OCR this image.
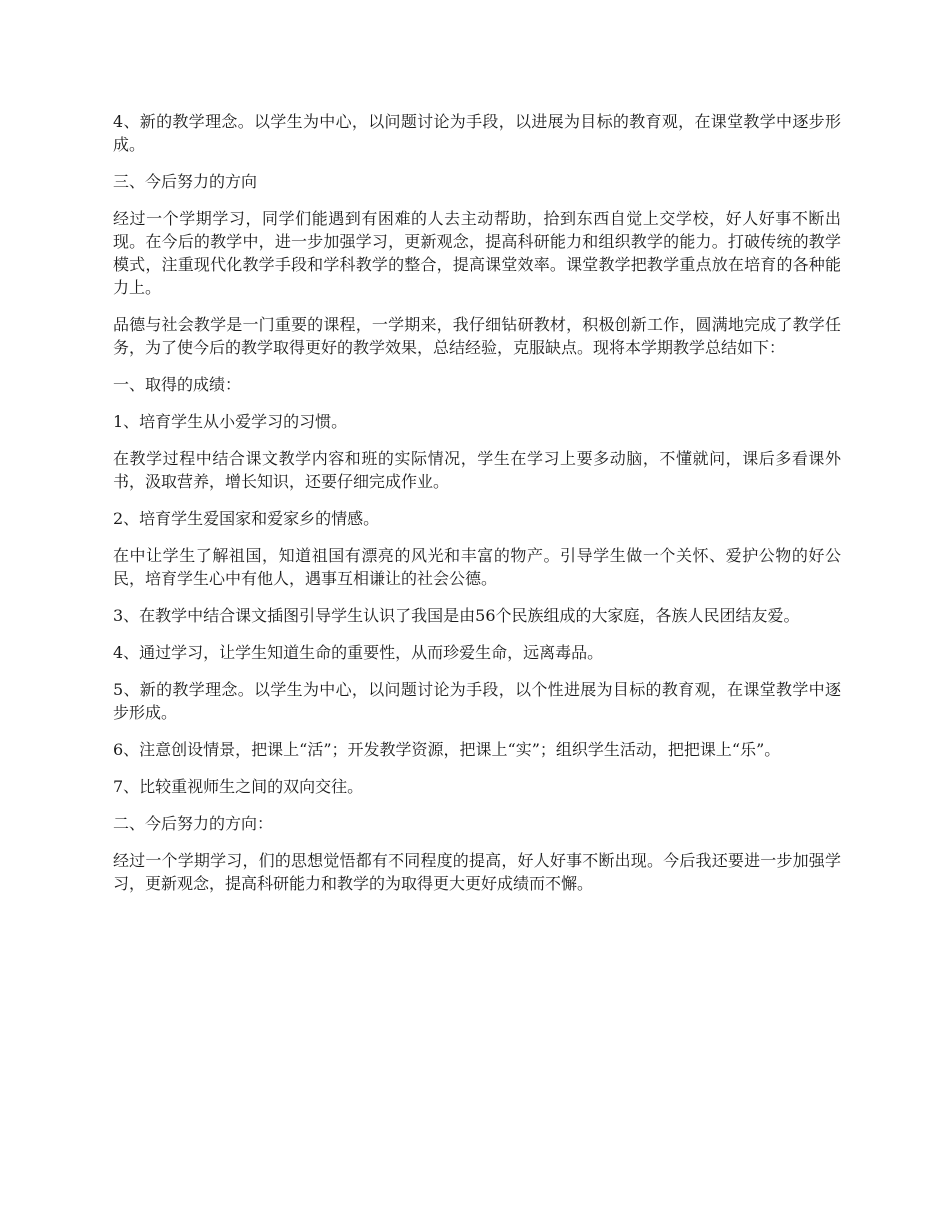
4、新的教学理念。以学生为中心，以问题讨论为手段，以进展为目标的教育观，在课堂教学中逐步形成。

三、今后努力的方向

经过一个学期学习，同学们能遇到有困难的人去主动帮助，拾到东西自觉上交学校，好人好事不断出现。在今后的教学中，进一步加强学习，更新观念，提高科研能力和组织教学的能力。打破传统的教学模式，注重现代化教学手段和学科教学的整合，提高课堂效率。课堂教学把教学重点放在培育的各种能力上。

品德与社会教学是一门重要的课程，一学期来，我仔细钻研教材，积极创新工作，圆满地完成了教学任务，为了使今后的教学取得更好的教学效果，总结经验，克服缺点。现将本学期教学总结如下：

一、取得的成绩：

1、培育学生从小爱学习的习惯。

在教学过程中结合课文教学内容和班的实际情况，学生在学习上要多动脑，不懂就问，课后多看课外书，汲取营养，增长知识，还要仔细完成作业。

2、培育学生爱国家和爱家乡的情感。

在中让学生了解祖国，知道祖国有漂亮的风光和丰富的物产。引导学生做一个关怀、爱护公物的好公民，培育学生心中有他人，遇事互相谦让的社会公德。

3、在教学中结合课文插图引导学生认识了我国是由56个民族组成的大家庭，各族人民团结友爱。

4、通过学习，让学生知道生命的重要性，从而珍爱生命，远离毒品。

5、新的教学理念。以学生为中心，以问题讨论为手段，以个性进展为目标的教育观，在课堂教学中逐步形成。

6、注意创设情景，把课上“活”；开发教学资源，把课上“实”；组织学生活动，把把课上“乐”。

7、比较重视师生之间的双向交往。

二、今后努力的方向：

经过一个学期学习，们的思想觉悟都有不同程度的提高，好人好事不断出现。今后我还要进一步加强学习，更新观念，提高科研能力和教学的为取得更大更好成绩而不懈。
